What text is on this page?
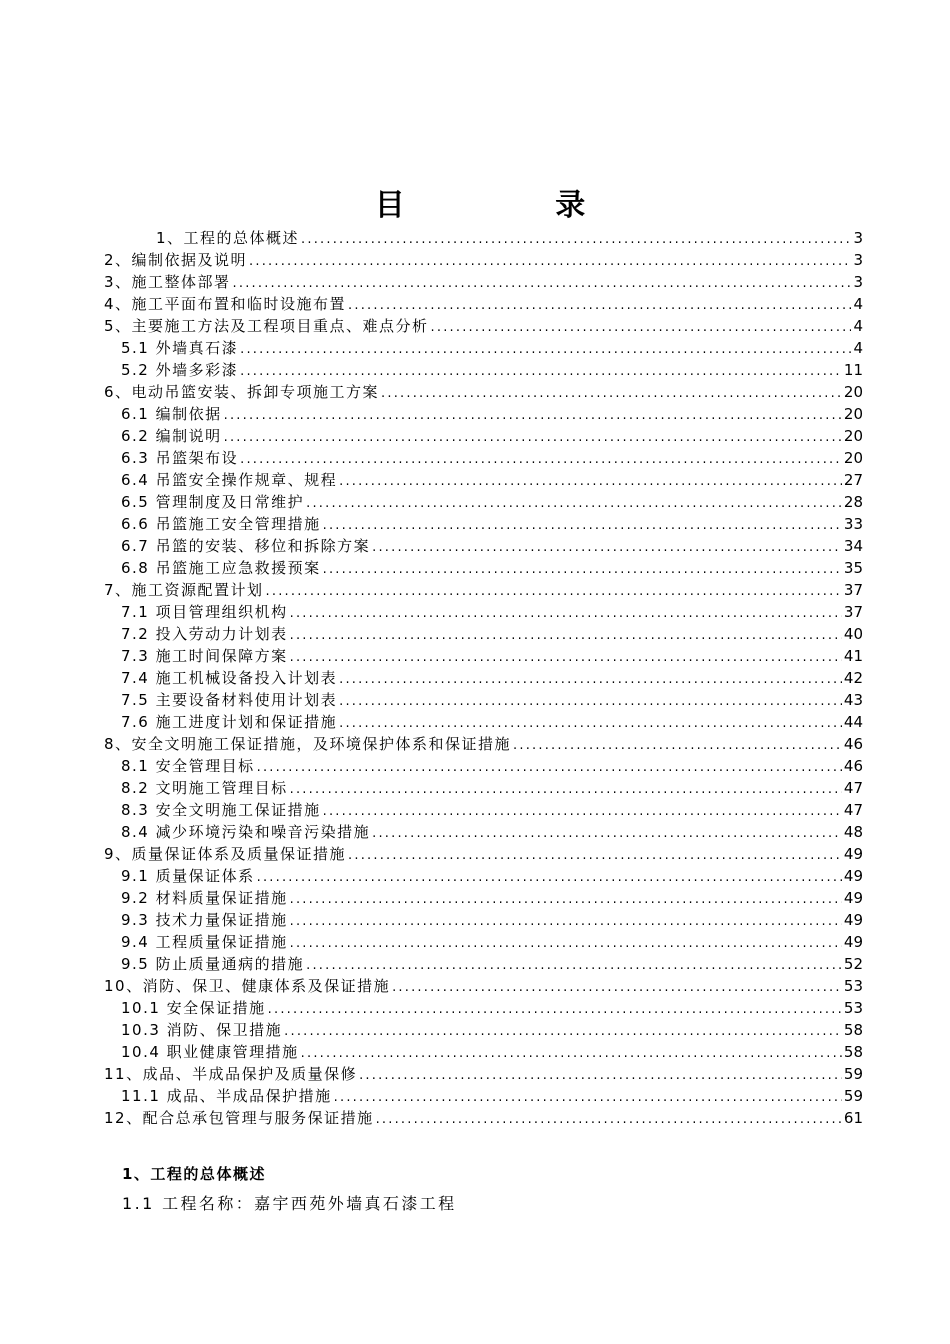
目 录
1、工程的总体概述 .....	3
2、编制依据及说明 .....	3
3、施工整体部署 .....	3
4、施工平面布置和临时设施布置 .....	4
5、主要施工方法及工程项目重点、难点分析 .....	4
5.1 外墙真石漆 .....	4
5.2 外墙多彩漆 .....	11
6、电动吊篮安装、拆卸专项施工方案 .....	20
6.1 编制依据 .....	20
6.2 编制说明 .....	20
6.3 吊篮架布设 .....	20
6.4 吊篮安全操作规章、规程 .....	27
6.5 管理制度及日常维护 .....	28
6.6 吊篮施工安全管理措施 .....	33
6.7 吊篮的安装、移位和拆除方案 .....	34
6.8 吊篮施工应急救援预案 .....	35
7、施工资源配置计划 .....	37
7.1 项目管理组织机构 .....	37
7.2 投入劳动力计划表 .....	40
7.3 施工时间保障方案 .....	41
7.4 施工机械设备投入计划表 .....	42
7.5 主要设备材料使用计划表 .....	43
7.6 施工进度计划和保证措施 .....	44
8、安全文明施工保证措施，及环境保护体系和保证措施 .....	46
8.1 安全管理目标 .....	46
8.2 文明施工管理目标 .....	47
8.3 安全文明施工保证措施 .....	47
8.4 减少环境污染和噪音污染措施 .....	48
9、质量保证体系及质量保证措施 .....	49
9.1 质量保证体系 .....	49
9.2 材料质量保证措施 .....	49
9.3 技术力量保证措施 .....	49
9.4 工程质量保证措施 .....	49
9.5 防止质量通病的措施 .....	52
10、消防、保卫、健康体系及保证措施 .....	53
10.1 安全保证措施 .....	53
10.3 消防、保卫措施 .....	58
10.4 职业健康管理措施 .....	58
11、成品、半成品保护及质量保修 .....	59
11.1 成品、半成品保护措施 .....	59
12、配合总承包管理与服务保证措施 .....	61
1、工程的总体概述
1.1 工程名称：嘉宇西苑外墙真石漆工程
